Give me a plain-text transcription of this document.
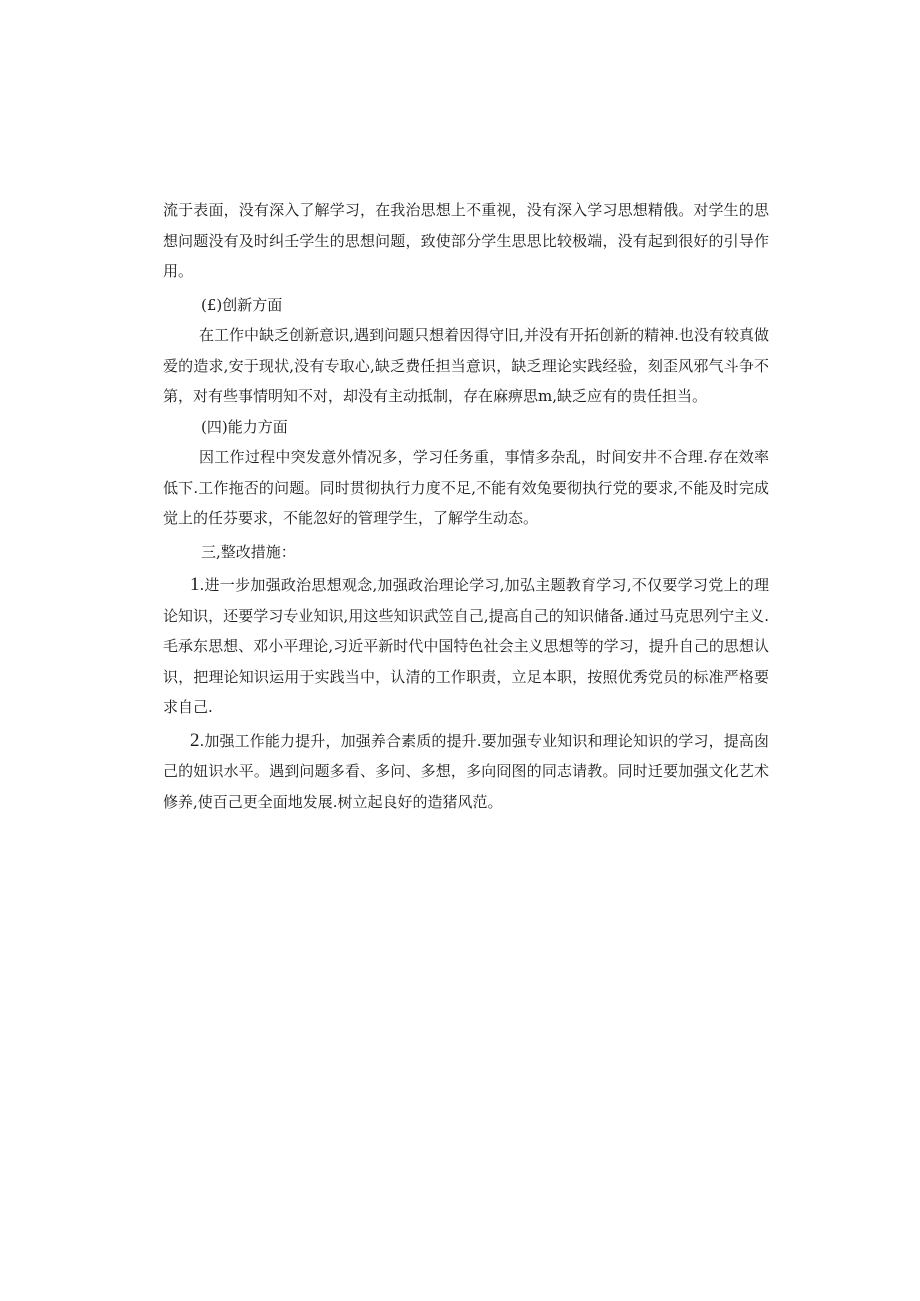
流于表面，没有深入了解学习，在我治思想上不重视，没有深入学习思想精俄。对学生的思想问题没有及时纠壬学生的思想问题，致使部分学生思思比较极端，没有起到很好的引导作用。

(£)创新方面

在工作中缺乏创新意识,遇到问题只想着因得守旧,并没有开拓创新的精神.也没有较真做爱的造求,安于现状,没有专取心,缺乏费任担当意识，缺乏理论实践经验，刻歪风邪气斗争不第，对有些事情明知不对，却没有主动抵制，存在麻痹思m,缺乏应有的贵任担当。

(四)能力方面

因工作过程中突发意外情况多，学习任务重，事情多杂乱，时间安井不合理.存在效率低下.工作拖否的问题。同时贯彻执行力度不足,不能有效兔要彻执行党的要求,不能及时完成觉上的任芬要求，不能忽好的管理学生，了解学生动态。

三,整改措施：

1.进一步加强政治思想观念,加强政治理论学习,加弘主题教育学习,不仅要学习党上的理论知识，还要学习专业知识,用这些知识武笠自己,提高自己的知识储备.通过马克思列宁主义.毛承东思想、邓小平理论,习近平新时代中国特色社会主义思想等的学习，提升自己的思想认识，把理论知识运用于实践当中，认清的工作职责，立足本职，按照优秀党员的标准严格要求自己.

2.加强工作能力提升，加强养合素质的提升.要加强专业知识和理论知识的学习，提高囱己的妞识水平。遇到问题多看、多问、多想，多向冏图的同志请教。同时迁要加强文化艺术修养,使百己更全面地发展.树立起良好的造猪风范。
